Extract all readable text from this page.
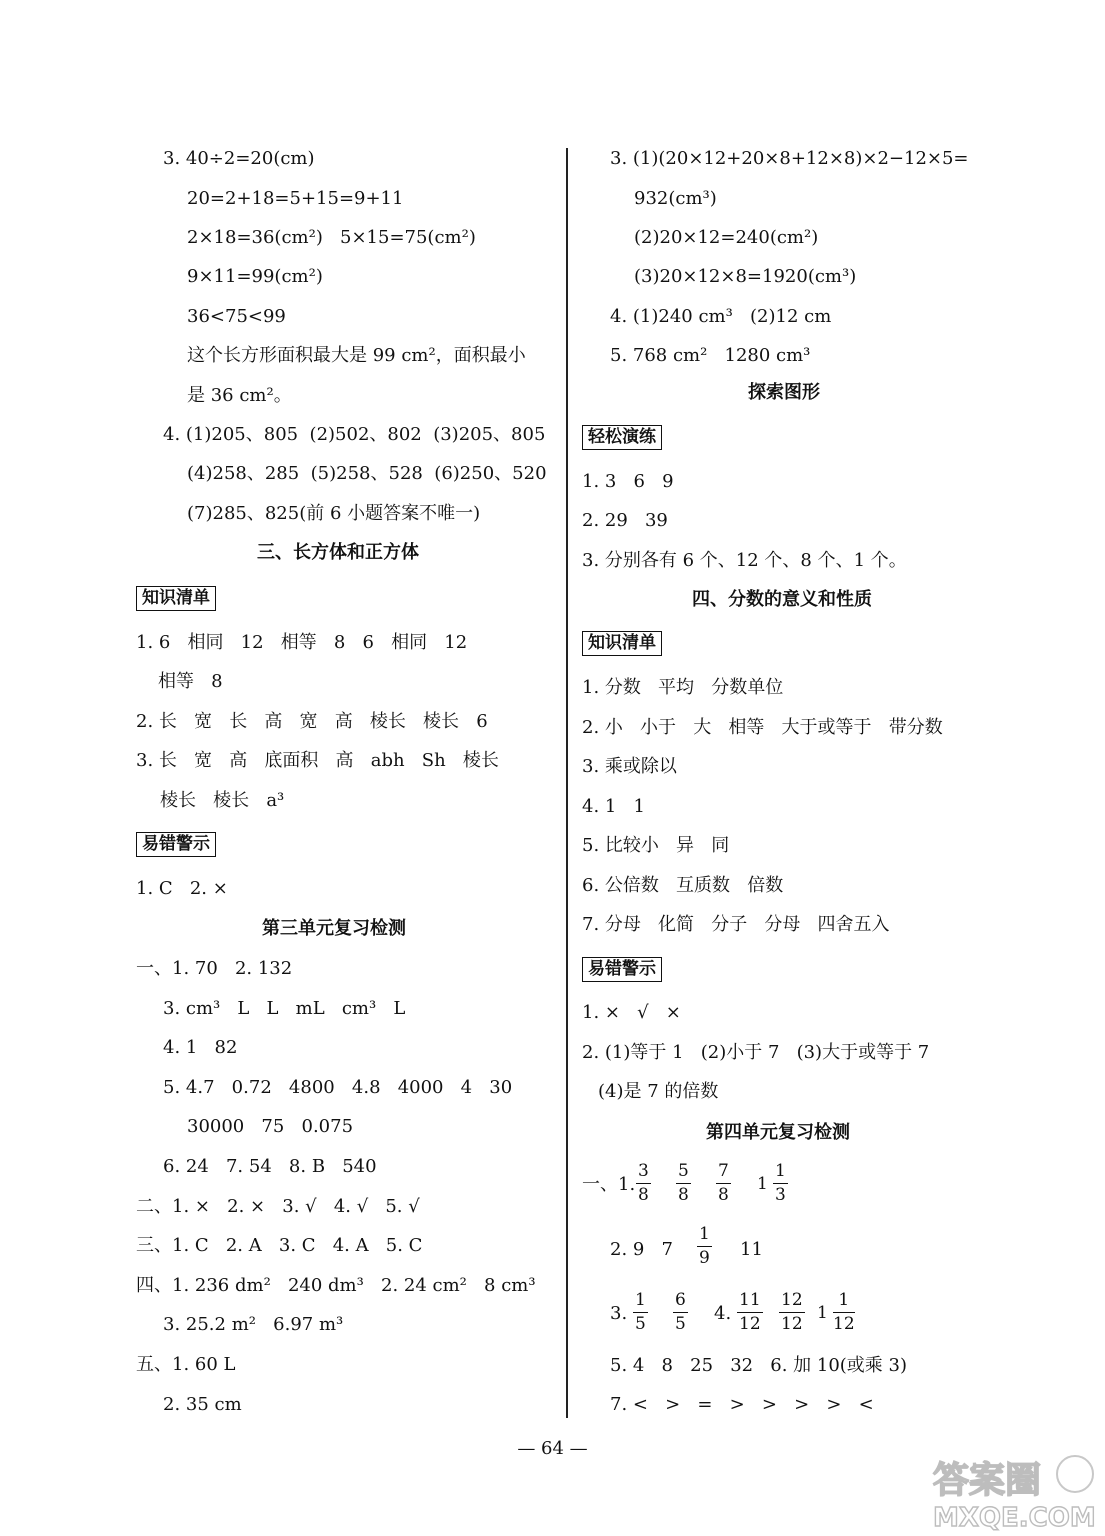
3. 40÷2=20(cm)
20=2+18=5+15=9+11
2×18=36(cm²)   5×15=75(cm²)
9×11=99(cm²)
36<75<99
这个长方形面积最大是 99 cm²，面积最小
是 36 cm²。
4. (1)205、805  (2)502、802  (3)205、805
(4)258、285  (5)258、528  (6)250、520
(7)285、825(前 6 小题答案不唯一)
1. 6   相同   12   相等   8   6   相同   12
相等   8
2. 长   宽   长   高   宽   高   棱长   棱长   6
3. 长   宽   高   底面积   高   abh   Sh   棱长
棱长   棱长   a³
1. C   2. ×
一、1. 70   2. 132
3. cm³   L   L   mL   cm³   L
4. 1   82
5. 4.7   0.72   4800   4.8   4000   4   30
30000   75   0.075
6. 24   7. 54   8. B   540
二、1. ×   2. ×   3. √   4. √   5. √
三、1. C   2. A   3. C   4. A   5. C
四、1. 236 dm²   240 dm³   2. 24 cm²   8 cm³
3. 25.2 m²   6.97 m³
五、1. 60 L
2. 35 cm
3. (1)(20×12+20×8+12×8)×2−12×5=
932(cm³)
(2)20×12=240(cm²)
(3)20×12×8=1920(cm³)
4. (1)240 cm³   (2)12 cm
5. 768 cm²   1280 cm³
1. 3   6   9
2. 29   39
3. 分别各有 6 个、12 个、8 个、1 个。
1. 分数   平均   分数单位
2. 小   小于   大   相等   大于或等于   带分数
3. 乘或除以
4. 1   1
5. 比较小   异   同
6. 公倍数   互质数   倍数
7. 分母   化简   分子   分母   四舍五入
1. ×   √   ×
2. (1)等于 1   (2)小于 7   (3)大于或等于 7
(4)是 7 的倍数
一、1.
2. 9   7	11
3.	4.
5. 4   8   25   32   6. 加 10(或乘 3)
7. <   >   =   >   >   >   >   <
三、长方体和正方体
第三单元复习检测
探索图形
四、分数的意义和性质
第四单元复习检测
知识清单
易错警示
轻松演练
知识清单
易错警示
$\frac{3}{8} \frac{5}{8} \frac{7}{8} 1$
1
3
$\frac{1}{9}$
$\frac{1}{5} \frac{6}{5}$	$\frac{11}{12} \frac{12}{12} 1$
1
12
— 64 —
答案圈
MXQE.COM
